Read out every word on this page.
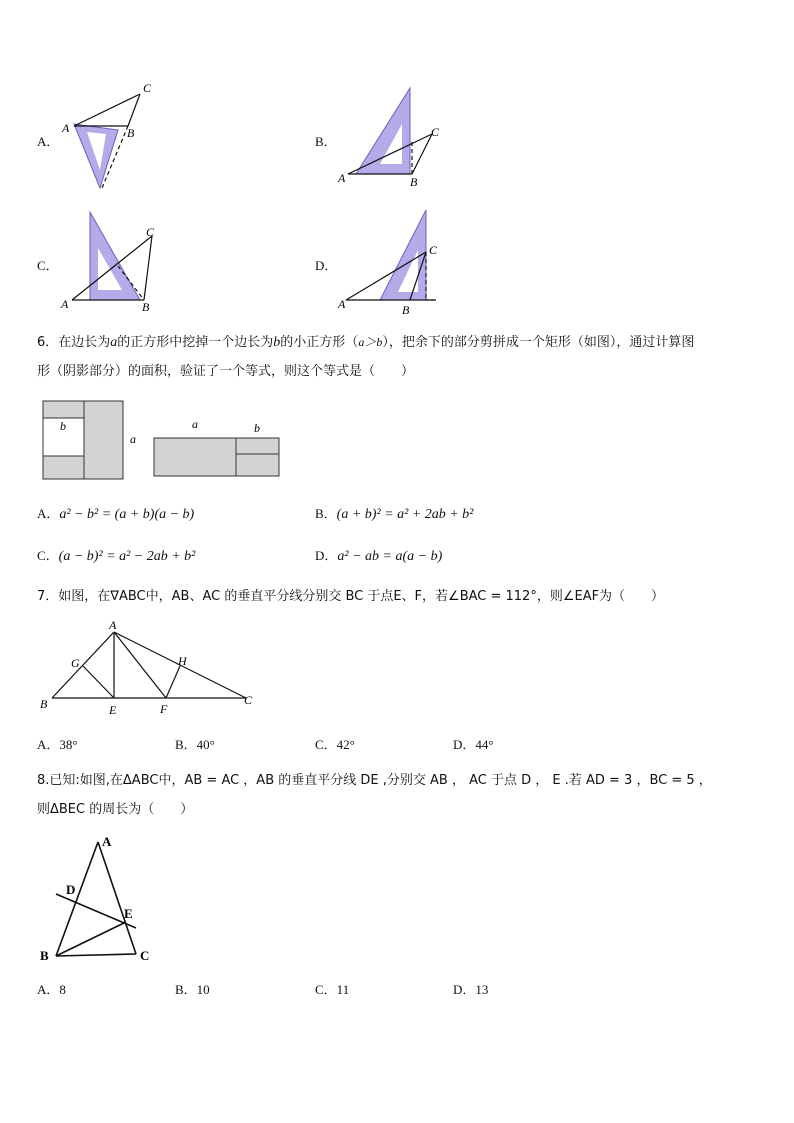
A．
A	B
C
B．
A	B
C
C．
A	B
C
D．
A	B
C
6．在边长为a的正方形中挖掉一个边长为b的小正方形（a＞b），把余下的部分剪拼成一个矩形（如图），通过计算图
形（阴影部分）的面积，验证了一个等式，则这个等式是（　　）
b
a
a	b
A．a² − b² = (a + b)(a − b)	B．(a + b)² = a² + 2ab + b²
C．(a − b)² = a² − 2ab + b²	D．a² − ab = a(a − b)
7．如图，在∇ABC中，AB、AC 的垂直平分线分别交 BC 于点E、F，若∠BAC = 112°，则∠EAF为（　　）
A
B	C
E	F
G	H
A．38°	B．40°	C．42°	D．44°
8.已知:如图,在ΔABC中，AB = AC ，AB 的垂直平分线 DE ,分别交 AB ， AC 于点 D ， E .若 AD = 3 ，BC = 5 ，
则ΔBEC 的周长为（　　）
A
B	C
D
E
A．8	B．10	C．11	D．13
